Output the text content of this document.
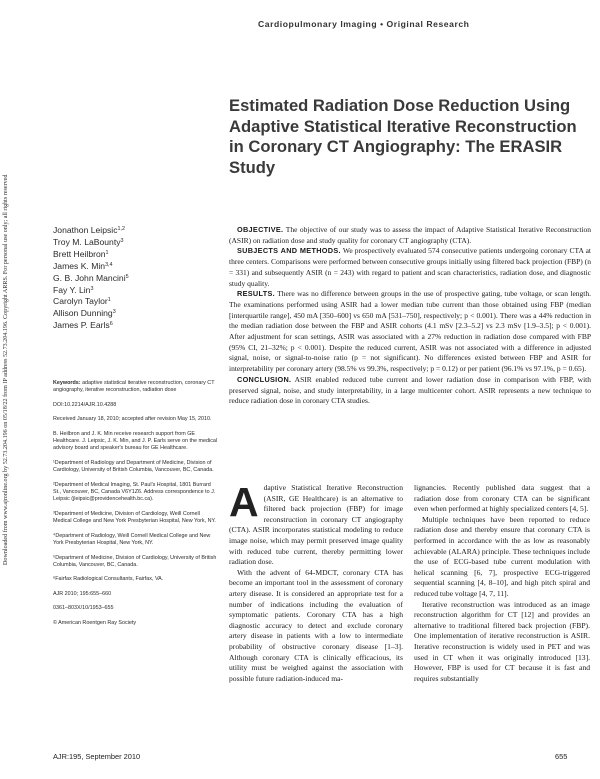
Downloaded from www.ajronline.org by 52.73.204.196 on 05/18/22 from IP address 52.73.204.196. Copyright ARRS. For personal use only; all rights reserved
Cardiopulmonary Imaging • Original Research
Estimated Radiation Dose Reduction Using Adaptive Statistical Iterative Reconstruction in Coronary CT Angiography: The ERASIR Study
Jonathon Leipsic$^{1,2}$
Troy M. LaBounty$^3$
Brett Heilbron$^1$
James K. Min$^{3,4}$
G. B. John Mancini$^5$
Fay Y. Lin$^3$
Carolyn Taylor$^1$
Allison Dunning$^3$
James P. Earls$^6$

Keywords: adaptive statistical iterative reconstruction, coronary CT angiography, iterative reconstruction, radiation dose

DOI:10.2214/AJR.10.4288

Received January 18, 2010; accepted after revision May 15, 2010.

B. Heilbron and J. K. Min receive research support from GE Healthcare. J. Leipsic, J. K. Min, and J. P. Earls serve on the medical advisory board and speaker's bureau for GE Healthcare.

¹Department of Radiology and Department of Medicine, Division of Cardiology, University of British Columbia, Vancouver, BC, Canada.

²Department of Medical Imaging, St. Paul's Hospital, 1801 Burrard St., Vancouver, BC, Canada V6Y1Z6. Address correspondence to J. Leipsic (jleipsic@providencehealth.bc.ca).

³Department of Medicine, Division of Cardiology, Weill Cornell Medical College and New York Presbyterian Hospital, New York, NY.

⁴Department of Radiology, Weill Cornell Medical College and New York Presbyterian Hospital, New York, NY.

⁵Department of Medicine, Division of Cardiology, University of British Columbia, Vancouver, BC, Canada.

⁶Fairfax Radiological Consultants, Fairfax, VA.

AJR 2010; 195:655–660

0361–803X/10/1953–655

© American Roentgen Ray Society

OBJECTIVE. The objective of our study was to assess the impact of Adaptive Statistical Iterative Reconstruction (ASIR) on radiation dose and study quality for coronary CT angiography (CTA).

SUBJECTS AND METHODS. We prospectively evaluated 574 consecutive patients undergoing coronary CTA at three centers. Comparisons were performed between consecutive groups initially using filtered back projection (FBP) (n = 331) and subsequently ASIR (n = 243) with regard to patient and scan characteristics, radiation dose, and diagnostic study quality.

RESULTS. There was no difference between groups in the use of prospective gating, tube voltage, or scan length. The examinations performed using ASIR had a lower median tube current than those obtained using FBP (median [interquartile range], 450 mA [350–600] vs 650 mA [531–750], respectively; p < 0.001). There was a 44% reduction in the median radiation dose between the FBP and ASIR cohorts (4.1 mSv [2.3–5.2] vs 2.3 mSv [1.9–3.5]; p < 0.001). After adjustment for scan settings, ASIR was associated with a 27% reduction in radiation dose compared with FBP (95% CI, 21–32%; p < 0.001). Despite the reduced current, ASIR was not associated with a difference in adjusted signal, noise, or signal-to-noise ratio (p = not significant). No differences existed between FBP and ASIR for interpretability per coronary artery (98.5% vs 99.3%, respectively; p = 0.12) or per patient (96.1% vs 97.1%, p = 0.65).

CONCLUSION. ASIR enabled reduced tube current and lower radiation dose in comparison with FBP, with preserved signal, noise, and study interpretability, in a large multicenter cohort. ASIR represents a new technique to reduce radiation dose in coronary CTA studies.

Adaptive Statistical Iterative Reconstruction (ASIR, GE Healthcare) is an alternative to filtered back projection (FBP) for image reconstruction in coronary CT angiography (CTA). ASIR incorporates statistical modeling to reduce image noise, which may permit preserved image quality with reduced tube current, thereby permitting lower radiation dose.

With the advent of 64-MDCT, coronary CTA has become an important tool in the assessment of coronary artery disease. It is considered an appropriate test for a number of indications including the evaluation of symptomatic patients. Coronary CTA has a high diagnostic accuracy to detect and exclude coronary artery disease in patients with a low to intermediate probability of obstructive coronary disease [1–3]. Although coronary CTA is clinically efficacious, its utility must be weighed against the association with possible future radiation-induced ma-

lignancies. Recently published data suggest that a radiation dose from coronary CTA can be significant even when performed at highly specialized centers [4, 5].

Multiple techniques have been reported to reduce radiation dose and thereby ensure that coronary CTA is performed in accordance with the as low as reasonably achievable (ALARA) principle. These techniques include the use of ECG-based tube current modulation with helical scanning [6, 7], prospective ECG-triggered sequential scanning [4, 8–10], and high pitch spiral and reduced tube voltage [4, 7, 11].

Iterative reconstruction was introduced as an image reconstruction algorithm for CT [12] and provides an alternative to traditional filtered back projection (FBP). One implementation of iterative reconstruction is ASIR. Iterative reconstruction is widely used in PET and was used in CT when it was originally introduced [13]. However, FBP is used for CT because it is fast and requires substantially

AJR:195, September 2010	655
